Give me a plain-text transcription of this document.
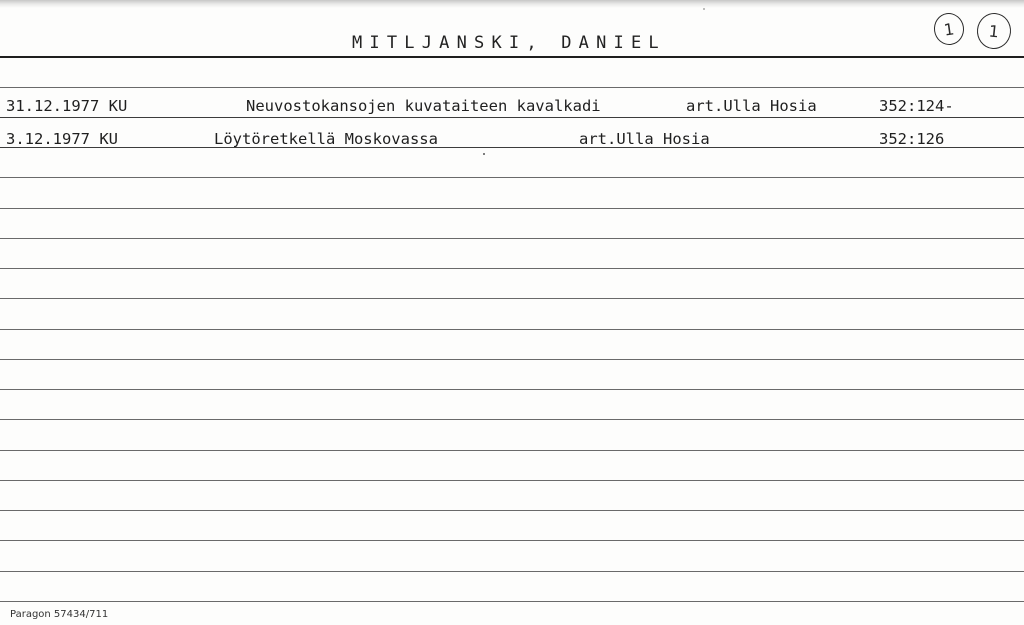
MITLJANSKI, DANIEL
1 1
31.12.1977 KU	Neuvostokansojen kuvataiteen kavalkadi	art.Ulla Hosia	352:124-
3.12.1977 KU	Löytöretkellä Moskovassa	art.Ulla Hosia	352:126
Paragon 57434/711
